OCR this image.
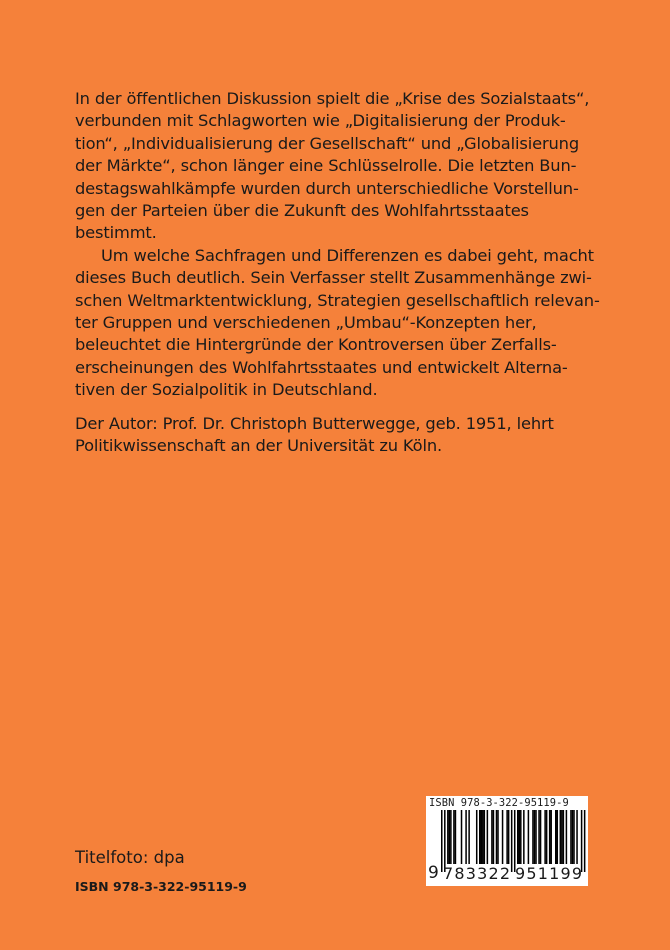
In der öffentlichen Diskussion spielt die „Krise des Sozialstaats“,
verbunden mit Schlagworten wie „Digitalisierung der Produk-
tion“, „Individualisierung der Gesellschaft“ und „Globalisierung
der Märkte“, schon länger eine Schlüsselrolle. Die letzten Bun-
destagswahlkämpfe wurden durch unterschiedliche Vorstellun-
gen der Parteien über die Zukunft des Wohlfahrtsstaates
bestimmt.

Um welche Sachfragen und Differenzen es dabei geht, macht
dieses Buch deutlich. Sein Verfasser stellt Zusammenhänge zwi-
schen Weltmarktentwicklung, Strategien gesellschaftlich relevan-
ter Gruppen und verschiedenen „Umbau“-Konzepten her,
beleuchtet die Hintergründe der Kontroversen über Zerfalls-
erscheinungen des Wohlfahrtsstaates und entwickelt Alterna-
tiven der Sozialpolitik in Deutschland.

Der Autor: Prof. Dr. Christoph Butterwegge, geb. 1951, lehrt
Politikwissenschaft an der Universität zu Köln.

ISBN 978-3-322-95119-9
9 783322 951199
Titelfoto: dpa
ISBN 978-3-322-95119-9
